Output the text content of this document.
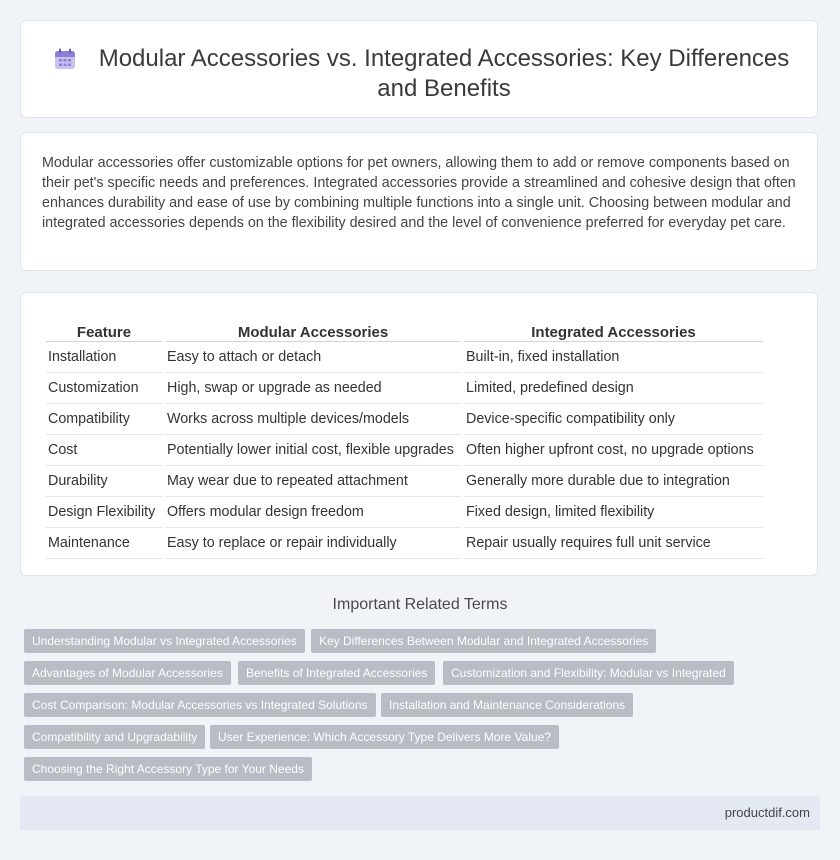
Modular Accessories vs. Integrated Accessories: Key Differences and Benefits

Modular accessories offer customizable options for pet owners, allowing them to add or remove components based on their pet's specific needs and preferences. Integrated accessories provide a streamlined and cohesive design that often enhances durability and ease of use by combining multiple functions into a single unit. Choosing between modular and integrated accessories depends on the flexibility desired and the level of convenience preferred for everyday pet care.

Feature	Modular Accessories	Integrated Accessories
Installation	Easy to attach or detach	Built-in, fixed installation
Customization	High, swap or upgrade as needed	Limited, predefined design
Compatibility	Works across multiple devices/models	Device-specific compatibility only
Cost	Potentially lower initial cost, flexible upgrades	Often higher upfront cost, no upgrade options
Durability	May wear due to repeated attachment	Generally more durable due to integration
Design Flexibility	Offers modular design freedom	Fixed design, limited flexibility
Maintenance	Easy to replace or repair individually	Repair usually requires full unit service
Important Related Terms
Understanding Modular vs Integrated Accessories	Key Differences Between Modular and Integrated Accessories
Advantages of Modular Accessories	Benefits of Integrated Accessories	Customization and Flexibility: Modular vs Integrated
Cost Comparison: Modular Accessories vs Integrated Solutions	Installation and Maintenance Considerations
Compatibility and Upgradability	User Experience: Which Accessory Type Delivers More Value?
Choosing the Right Accessory Type for Your Needs
productdif.com
